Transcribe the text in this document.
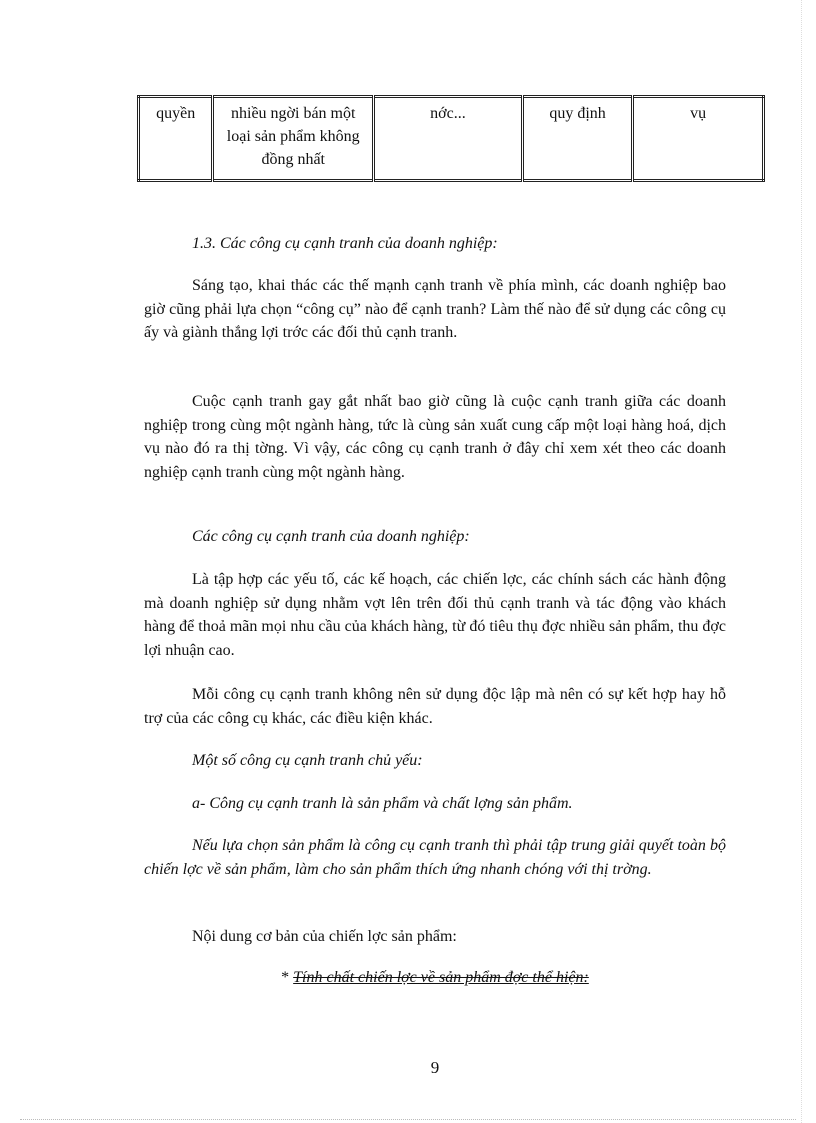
quyền	nhiều ngời bán một loại sản phẩm không đồng nhất	nớc...	quy định	vụ
1.3. Các công cụ cạnh tranh của doanh nghiệp:
Sáng tạo, khai thác các thế mạnh cạnh tranh về phía mình, các doanh nghiệp bao giờ cũng phải lựa chọn “công cụ” nào để cạnh tranh? Làm thế nào để sử dụng các công cụ ấy và giành thắng lợi trớc các đối thủ cạnh tranh.
Cuộc cạnh tranh gay gắt nhất bao giờ cũng là cuộc cạnh tranh giữa các doanh nghiệp trong cùng một ngành hàng, tức là cùng sản xuất cung cấp một loại hàng hoá, dịch vụ nào đó ra thị tờng. Vì vậy, các công cụ cạnh tranh ở đây chỉ xem xét theo các doanh nghiệp cạnh tranh cùng một ngành hàng.
Các công cụ cạnh tranh của doanh nghiệp:
Là tập hợp các yếu tố, các kế hoạch, các chiến lợc, các chính sách các hành động mà doanh nghiệp sử dụng nhằm vợt lên trên đối thủ cạnh tranh và tác động vào khách hàng để thoả mãn mọi nhu cầu của khách hàng, từ đó tiêu thụ đợc nhiều sản phẩm, thu đợc lợi nhuận cao.
Mỗi công cụ cạnh tranh không nên sử dụng độc lập mà nên có sự kết hợp hay hỗ trợ của các công cụ khác, các điều kiện khác.
Một số công cụ cạnh tranh chủ yếu:
a- Công cụ cạnh tranh là sản phẩm và chất lợng sản phẩm.
Nếu lựa chọn sản phẩm là công cụ cạnh tranh thì phải tập trung giải quyết toàn bộ chiến lợc về sản phẩm, làm cho sản phẩm thích ứng nhanh chóng với thị trờng.
Nội dung cơ bản của chiến lợc sản phẩm:
* Tính chất chiến lợc về sản phẩm đợc thể hiện:
9
